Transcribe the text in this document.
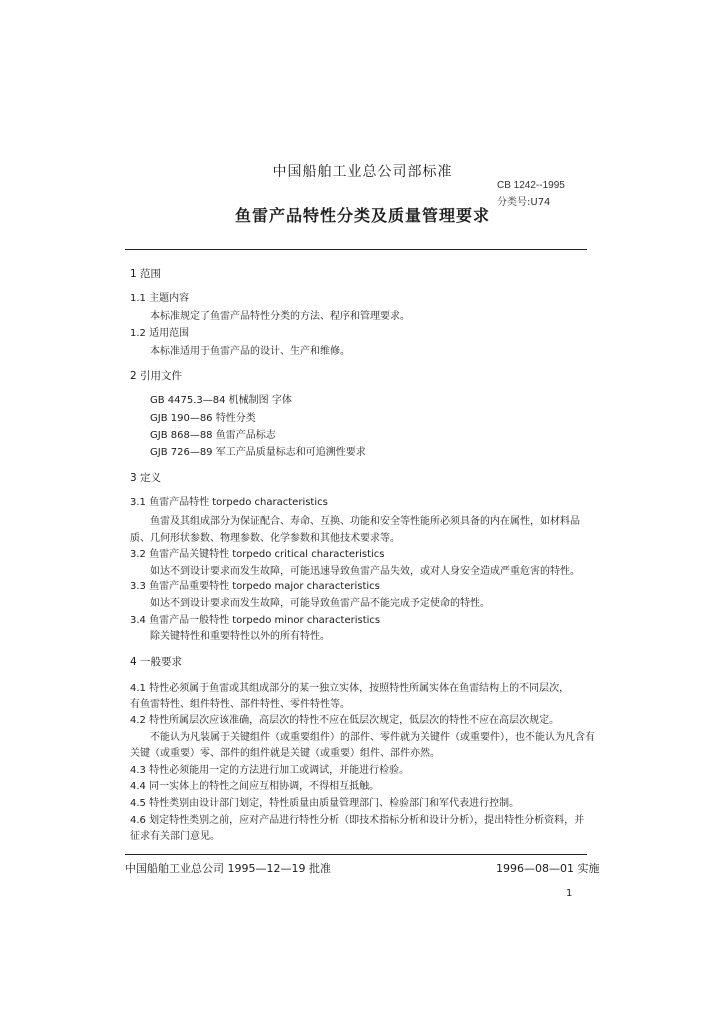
中国船舶工业总公司部标准
CB 1242--1995
分类号:U74
鱼雷产品特性分类及质量管理要求
1 范围
1.1 主题内容
本标准规定了鱼雷产品特性分类的方法、程序和管理要求。
1.2 适用范围
本标准适用于鱼雷产品的设计、生产和维修。
2 引用文件
GB 4475.3—84 机械制图 字体
GJB 190—86 特性分类
GJB 868—88 鱼雷产品标志
GJB 726—89 军工产品质量标志和可追溯性要求
3 定义
3.1 鱼雷产品特性 torpedo characteristics
鱼雷及其组成部分为保证配合、寿命、互换、功能和安全等性能所必须具备的内在属性，如材料品
质、几何形状参数、物理参数、化学参数和其他技术要求等。
3.2 鱼雷产品关键特性 torpedo critical characteristics
如达不到设计要求而发生故障，可能迅速导致鱼雷产品失效，或对人身安全造成严重危害的特性。
3.3 鱼雷产品重要特性 torpedo major characteristics
如达不到设计要求而发生故障，可能导致鱼雷产品不能完成予定使命的特性。
3.4 鱼雷产品一般特性 torpedo minor characteristics
除关键特性和重要特性以外的所有特性。
4 一般要求
4.1 特性必须属于鱼雷或其组成部分的某一独立实体，按照特性所属实体在鱼雷结构上的不同层次，
有鱼雷特性、组件特性、部件特性、零件特性等。
4.2 特性所属层次应该准确，高层次的特性不应在低层次规定，低层次的特性不应在高层次规定。
不能认为凡装属于关键组件（或重要组件）的部件、零件就为关键件（或重要件），也不能认为凡含有
关键（或重要）零、部件的组件就是关键（或重要）组件、部件亦然。
4.3 特性必须能用一定的方法进行加工或调试，并能进行检验。
4.4 同一实体上的特性之间应互相协调，不得相互抵触。
4.5 特性类别由设计部门划定，特性质量由质量管理部门、检验部门和军代表进行控制。
4.6 划定特性类别之前，应对产品进行特性分析（即技术指标分析和设计分析），提出特性分析资料，并
征求有关部门意见。
中国船舶工业总公司 1995—12—19 批准	1996—08—01 实施
1
